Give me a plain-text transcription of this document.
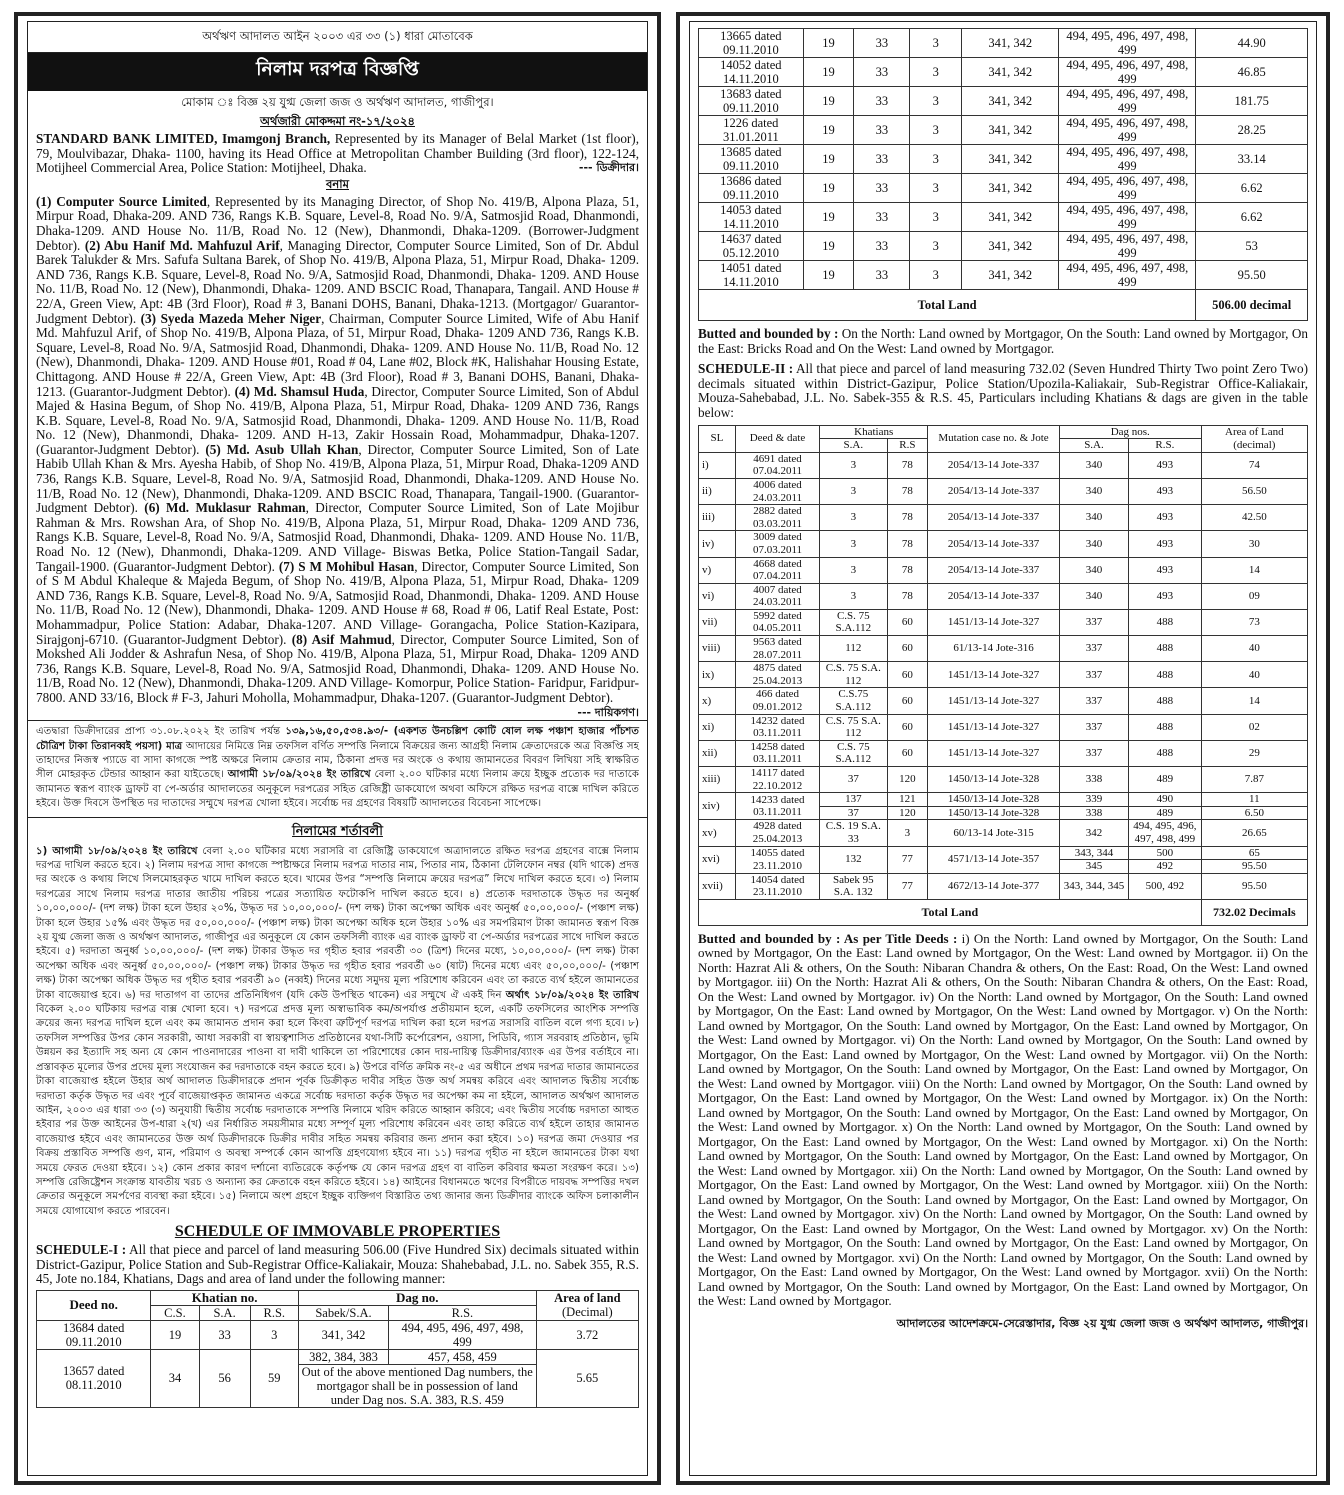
অর্থঋণ আদালত আইন ২০০৩ এর ৩৩ (১) ধারা মোতাবেক
নিলাম দরপত্র বিজ্ঞপ্তি
মোকাম ঃ বিজ্ঞ ২য় যুগ্ম জেলা জজ ও অর্থঋণ আদালত, গাজীপুর।
অর্থজারী মোকদ্দমা নং-১৭/২০২৪

STANDARD BANK LIMITED, Imamgonj Branch, Represented by its Manager of Belal Market (1st floor), 79, Moulvibazar, Dhaka- 1100, having its Head Office at Metropolitan Chamber Building (3rd floor), 122-124, Motijheel Commercial Area, Police Station: Motijheel, Dhaka.	--- ডিক্রীদার।

বনাম

(1) Computer Source Limited, Represented by its Managing Director, of Shop No. 419/B, Alpona Plaza, 51, Mirpur Road, Dhaka-209. AND 736, Rangs K.B. Square, Level-8, Road No. 9/A, Satmosjid Road, Dhanmondi, Dhaka-1209. AND House No. 11/B, Road No. 12 (New), Dhanmondi, Dhaka-1209. (Borrower-Judgment Debtor). (2) Abu Hanif Md. Mahfuzul Arif, Managing Director, Computer Source Limited, Son of Dr. Abdul Barek Talukder & Mrs. Safufa Sultana Barek, of Shop No. 419/B, Alpona Plaza, 51, Mirpur Road, Dhaka- 1209. AND 736, Rangs K.B. Square, Level-8, Road No. 9/A, Satmosjid Road, Dhanmondi, Dhaka- 1209. AND House No. 11/B, Road No. 12 (New), Dhanmondi, Dhaka- 1209. AND BSCIC Road, Thanapara, Tangail. AND House # 22/A, Green View, Apt: 4B (3rd Floor), Road # 3, Banani DOHS, Banani, Dhaka-1213. (Mortgagor/ Guarantor-Judgment Debtor). (3) Syeda Mazeda Meher Niger, Chairman, Computer Source Limited, Wife of Abu Hanif Md. Mahfuzul Arif, of Shop No. 419/B, Alpona Plaza, of 51, Mirpur Road, Dhaka- 1209 AND 736, Rangs K.B. Square, Level-8, Road No. 9/A, Satmosjid Road, Dhanmondi, Dhaka- 1209. AND House No. 11/B, Road No. 12 (New), Dhanmondi, Dhaka- 1209. AND House #01, Road # 04, Lane #02, Block #K, Halishahar Housing Estate, Chittagong. AND House # 22/A, Green View, Apt: 4B (3rd Floor), Road # 3, Banani DOHS, Banani, Dhaka-1213. (Guarantor-Judgment Debtor). (4) Md. Shamsul Huda, Director, Computer Source Limited, Son of Abdul Majed & Hasina Begum, of Shop No. 419/B, Alpona Plaza, 51, Mirpur Road, Dhaka- 1209 AND 736, Rangs K.B. Square, Level-8, Road No. 9/A, Satmosjid Road, Dhanmondi, Dhaka- 1209. AND House No. 11/B, Road No. 12 (New), Dhanmondi, Dhaka- 1209. AND H-13, Zakir Hossain Road, Mohammadpur, Dhaka-1207. (Guarantor-Judgment Debtor). (5) Md. Asub Ullah Khan, Director, Computer Source Limited, Son of Late Habib Ullah Khan & Mrs. Ayesha Habib, of Shop No. 419/B, Alpona Plaza, 51, Mirpur Road, Dhaka-1209 AND 736, Rangs K.B. Square, Level-8, Road No. 9/A, Satmosjid Road, Dhanmondi, Dhaka-1209. AND House No. 11/B, Road No. 12 (New), Dhanmondi, Dhaka-1209. AND BSCIC Road, Thanapara, Tangail-1900. (Guarantor-Judgment Debtor). (6) Md. Muklasur Rahman, Director, Computer Source Limited, Son of Late Mojibur Rahman & Mrs. Rowshan Ara, of Shop No. 419/B, Alpona Plaza, 51, Mirpur Road, Dhaka- 1209 AND 736, Rangs K.B. Square, Level-8, Road No. 9/A, Satmosjid Road, Dhanmondi, Dhaka- 1209. AND House No. 11/B, Road No. 12 (New), Dhanmondi, Dhaka-1209. AND Village- Biswas Betka, Police Station-Tangail Sadar, Tangail-1900. (Guarantor-Judgment Debtor). (7) S M Mohibul Hasan, Director, Computer Source Limited, Son of S M Abdul Khaleque & Majeda Begum, of Shop No. 419/B, Alpona Plaza, 51, Mirpur Road, Dhaka- 1209 AND 736, Rangs K.B. Square, Level-8, Road No. 9/A, Satmosjid Road, Dhanmondi, Dhaka- 1209. AND House No. 11/B, Road No. 12 (New), Dhanmondi, Dhaka- 1209. AND House # 68, Road # 06, Latif Real Estate, Post: Mohammadpur, Police Station: Adabar, Dhaka-1207. AND Village- Gorangacha, Police Station-Kazipara, Sirajgonj-6710. (Guarantor-Judgment Debtor). (8) Asif Mahmud, Director, Computer Source Limited, Son of Mokshed Ali Jodder & Ashrafun Nesa, of Shop No. 419/B, Alpona Plaza, 51, Mirpur Road, Dhaka- 1209 AND 736, Rangs K.B. Square, Level-8, Road No. 9/A, Satmosjid Road, Dhanmondi, Dhaka- 1209. AND House No. 11/B, Road No. 12 (New), Dhanmondi, Dhaka-1209. AND Village- Komorpur, Police Station- Faridpur, Faridpur-7800. AND 33/16, Block # F-3, Jahuri Moholla, Mohammadpur, Dhaka-1207. (Guarantor-Judgment Debtor).
--- দায়িকগণ।

এতদ্বারা ডিক্রীদারের প্রাপ্য ৩১.০৮.২০২২ ইং তারিখ পর্যন্ত ১৩৯,১৬,৫০,৫৩৪.৯৩/- (একশত উনচল্লিশ কোটি ষোল লক্ষ পঞ্চাশ হাজার পাঁচশত চৌত্রিশ টাকা তিরানব্বই পয়সা) মাত্র আদায়ের নিমিত্তে নিম্ন তফসিল বর্ণিত সম্পত্তি নিলামে বিক্রয়ের জন্য আগ্রহী নিলাম ক্রেতাদেরকে অত্র বিজ্ঞপ্তি সহ তাহাদের নিজস্ব প্যাডে বা সাদা কাগজে স্পষ্ট অক্ষরে নিলাম ক্রেতার নাম, ঠিকানা প্রদত্ত দর অংকে ও কথায় জামানতের বিবরণ লিখিয়া সহি স্বাক্ষরিত সীল মোহরকৃত টেন্ডার আহ্বান করা যাইতেছে। আগামী ১৮/০৯/২০২৪ ইং তারিখে বেলা ২.০০ ঘটিকার মধ্যে নিলাম ক্রয়ে ইচ্ছুক প্রত্যেক দর দাতাকে জামানত স্বরূপ ব্যাংক ড্রাফট বা পে-অর্ডার আদালতের অনুকূলে দরপত্রের সহিত রেজিষ্ট্রী ডাকযোগে অথবা অফিসে রক্ষিত দরপত্র বাক্সে দাখিল করিতে হইবে। উক্ত দিবসে উপস্থিত দর দাতাদের সম্মুখে দরপত্র খোলা হইবে। সর্বোচ্চ দর গ্রহণের বিষয়টি আদালতের বিবেচনা সাপেক্ষে।

নিলামের শর্তাবলী

১) আগামী ১৮/০৯/২০২৪ ইং তারিখে বেলা ২.০০ ঘটিকার মধ্যে সরাসরি বা রেজিষ্ট্রি ডাকযোগে অত্রাদালতে রক্ষিত দরপত্র গ্রহণের বাক্সে নিলাম দরপত্র দাখিল করতে হবে। ২) নিলাম দরপত্র সাদা কাগজে স্পষ্টাক্ষরে নিলাম দরপত্র দাতার নাম, পিতার নাম, ঠিকানা টেলিফোন নম্বর (যদি থাকে) প্রদত্ত দর অংকে ও কথায় লিখে সিলমোহরকৃত খামে দাখিল করতে হবে। খামের উপর “সম্পত্তি নিলামে ক্রয়ের দরপত্র” লিখে দাখিল করতে হবে। ৩) নিলাম দরপত্রের সাথে নিলাম দরপত্র দাতার জাতীয় পরিচয় পত্রের সত্যায়িত ফটোকপি দাখিল করতে হবে। ৪) প্রত্যেক দরদাতাকে উদ্ধৃত দর অনুর্ধ্ব ১০,০০,০০০/- (দশ লক্ষ) টাকা হলে উহার ২০%, উদ্ধৃত দর ১০,০০,০০০/- (দশ লক্ষ) টাকা অপেক্ষা অধিক এবং অনুর্ধ্ব ৫০,০০,০০০/- (পঞ্চাশ লক্ষ) টাকা হলে উহার ১৫% এবং উদ্ধৃত দর ৫০,০০,০০০/- (পঞ্চাশ লক্ষ) টাকা অপেক্ষা অধিক হলে উহার ১০% এর সমপরিমাণ টাকা জামানত স্বরূপ বিজ্ঞ ২য় যুগ্ম জেলা জজ ও অর্থঋণ আদালত, গাজীপুর এর অনুকূলে যে কোন তফসিলী ব্যাংক এর ব্যাংক ড্রাফট বা পে-অর্ডার দরপত্রের সাথে দাখিল করতে হইবে। ৫) দরদাতা অনুর্ধ্ব ১০,০০,০০০/- (দশ লক্ষ) টাকার উদ্ধৃত দর গৃহীত হবার পরবর্তী ৩০ (ত্রিশ) দিনের মধ্যে, ১০,০০,০০০/- (দশ লক্ষ) টাকা অপেক্ষা অধিক এবং অনুর্ধ্ব ৫০,০০,০০০/- (পঞ্চাশ লক্ষ) টাকার উদ্ধৃত দর গৃহীত হবার পরবর্তী ৬০ (ষাট) দিনের মধ্যে এবং ৫০,০০,০০০/- (পঞ্চাশ লক্ষ) টাকা অপেক্ষা অধিক উদ্ধৃত দর গৃহীত হবার পরবর্তী ৯০ (নব্বই) দিনের মধ্যে সমুদয় মূল্য পরিশোধ করিবেন এবং তা করতে ব্যর্থ হইলে জামানতের টাকা বাজেয়াপ্ত হবে। ৬) দর দাতাগণ বা তাদের প্রতিনিধিগণ (যদি কেউ উপস্থিত থাকেন) এর সম্মুখে ঐ একই দিন অর্থাৎ ১৮/০৯/২০২৪ ইং তারিখ বিকেল ২.০০ ঘটিকায় দরপত্র বাক্স খোলা হবে। ৭) দরপত্রে প্রদত্ত মূল্য অস্বাভাবিক কম/অপর্যাপ্ত প্রতীয়মান হলে, একটি তফসিলের আংশিক সম্পত্তি ক্রয়ের জন্য দরপত্র দাখিল হলে এবং কম জামানত প্রদান করা হলে কিংবা ত্রুটিপূর্ণ দরপত্র দাখিল করা হলে দরপত্র সরাসরি বাতিল বলে গণ্য হবে। ৮) তফসিল সম্পত্তির উপর কোন সরকারী, আধা সরকারী বা স্বায়ত্বশাসিত প্রতিষ্ঠানের যথা-সিটি কর্পোরেশন, ওয়াসা, পিডিবি, গ্যাস সরবরাহ প্রতিষ্ঠান, ভূমি উন্নয়ন কর ইত্যাদি সহ অন্য যে কোন পাওনাদারের পাওনা বা দাবী থাকিলে তা পরিশোধের কোন দায়-দায়িত্ব ডিক্রীদার/ব্যাংক এর উপর বর্তাইবে না। প্রস্তাবকৃত মূল্যের উপর প্রদেয় মূল্য সংযোজন কর দরদাতাকে বহন করতে হবে। ৯) উপরে বর্ণিত ক্রমিক নং-৫ এর অধীনে প্রথম দরপত্র দাতার জামানতের টাকা বাজেয়াপ্ত হইলে উহার অর্থ আদালত ডিক্রীদারকে প্রদান পূর্বক ডিক্রীকৃত দাবীর সহিত উক্ত অর্থ সমন্বয় করিবে এবং আদালত দ্বিতীয় সর্বোচ্চ দরদাতা কর্তৃক উদ্ধৃত দর এবং পূর্বে বাজেয়াপ্তকৃত জামানত একত্রে সর্বোচ্চ দরদাতা কর্তৃক উদ্ধৃত দর অপেক্ষা কম না হইলে, আদালত অর্থঋণ আদালত আইন, ২০০৩ এর ধারা ৩৩ (৩) অনুযায়ী দ্বিতীয় সর্বোচ্চ দরদাতাকে সম্পত্তি নিলামে খরিদ করিতে আহ্বান করিবে; এবং দ্বিতীয় সর্বোচ্চ দরদাতা আহুত হইবার পর উক্ত আইনের উপ-ধারা ২(খ) এর নির্ধারিত সময়সীমার মধ্যে সম্পূর্ণ মূল্য পরিশোধ করিবেন এবং তাহা করিতে ব্যর্থ হইলে তাহার জামানত বাজেয়াপ্ত হইবে এবং জামানতের উক্ত অর্থ ডিক্রীদারকে ডিক্রীর দাবীর সহিত সমন্বয় করিবার জন্য প্রদান করা হইবে। ১০) দরপত্র জমা দেওয়ার পর বিক্রয় প্রস্তাবিত সম্পত্তি গুণ, মান, পরিমাণ ও অবস্থা সম্পর্কে কোন আপত্তি গ্রহণযোগ্য হইবে না। ১১) দরপত্র গৃহীত না হইলে জামানতের টাকা যথা সময়ে ফেরত দেওয়া হইবে। ১২) কোন প্রকার কারণ দর্শানো ব্যতিরেকে কর্তৃপক্ষ যে কোন দরপত্র গ্রহণ বা বাতিল করিবার ক্ষমতা সংরক্ষণ করে। ১৩) সম্পত্তি রেজিষ্ট্রেশন সংক্রান্ত যাবতীয় খরচ ও অন্যান্য কর ক্রেতাকে বহন করিতে হইবে। ১৪) আইনের বিধানমতে ঋণের বিপরীতে দায়বদ্ধ সম্পত্তির দখল ক্রেতার অনুকূলে সমর্পণের ব্যবস্থা করা হইবে। ১৫) নিলামে অংশ গ্রহণে ইচ্ছুক ব্যক্তিগণ বিস্তারিত তথ্য জানার জন্য ডিক্রীদার ব্যাংকে অফিস চলাকালীন সময়ে যোগাযোগ করতে পারবেন।

SCHEDULE OF IMMOVABLE PROPERTIES

SCHEDULE-I : All that piece and parcel of land measuring 506.00 (Five Hundred Six) decimals situated within District-Gazipur, Police Station and Sub-Registrar Office-Kaliakair, Mouza: Shahebabad, J.L. no. Sabek 355, R.S. 45, Jote no.184, Khatians, Dags and area of land under the following manner:

Deed no.	Khatian no.			Dag no.		Area of land
(Decimal)
	C.S.	S.A.	R.S.	Sabek/S.A.	R.S.	
13684 dated 09.11.2010	19	33	3	341, 342	494, 495, 496, 497, 498, 499	3.72
13657 dated 08.11.2010	34	56	59	382, 384, 383	457, 458, 459	5.65
				Out of the above mentioned Dag numbers, the mortgagor shall be in possession of land under Dag nos. S.A. 383, R.S. 459		
13665 dated 09.11.2010	19	33	3	341, 342	494, 495, 496, 497, 498, 499	44.90
14052 dated 14.11.2010	19	33	3	341, 342	494, 495, 496, 497, 498, 499	46.85
13683 dated 09.11.2010	19	33	3	341, 342	494, 495, 496, 497, 498, 499	181.75
1226 dated 31.01.2011	19	33	3	341, 342	494, 495, 496, 497, 498, 499	28.25
13685 dated 09.11.2010	19	33	3	341, 342	494, 495, 496, 497, 498, 499	33.14
13686 dated 09.11.2010	19	33	3	341, 342	494, 495, 496, 497, 498, 499	6.62
14053 dated 14.11.2010	19	33	3	341, 342	494, 495, 496, 497, 498, 499	6.62
14637 dated 05.12.2010	19	33	3	341, 342	494, 495, 496, 497, 498, 499	53
14051 dated 14.11.2010	19	33	3	341, 342	494, 495, 496, 497, 498, 499	95.50
Total Land						506.00 decimal

Butted and bounded by : On the North: Land owned by Mortgagor, On the South: Land owned by Mortgagor, On the East: Bricks Road and On the West: Land owned by Mortgagor.

SCHEDULE-II : All that piece and parcel of land measuring 732.02 (Seven Hundred Thirty Two point Zero Two) decimals situated within District-Gazipur, Police Station/Upozila-Kaliakair, Sub-Registrar Office-Kaliakair, Mouza-Sahebabad, J.L. No. Sabek-355 & R.S. 45, Particulars including Khatians & dags are given in the table below:

SL	Deed & date	Khatians		Mutation case no. & Jote	Dag nos.		Area of Land (decimal)
		S.A.	R.S		S.A.	R.S.	
i)	4691 dated 07.04.2011	3	78	2054/13-14 Jote-337	340	493	74
ii)	4006 dated 24.03.2011	3	78	2054/13-14 Jote-337	340	493	56.50
iii)	2882 dated 03.03.2011	3	78	2054/13-14 Jote-337	340	493	42.50
iv)	3009 dated 07.03.2011	3	78	2054/13-14 Jote-337	340	493	30
v)	4668 dated 07.04.2011	3	78	2054/13-14 Jote-337	340	493	14
vi)	4007 dated 24.03.2011	3	78	2054/13-14 Jote-337	340	493	09
vii)	5992 dated 04.05.2011	C.S. 75 S.A.112	60	1451/13-14 Jote-327	337	488	73
viii)	9563 dated 28.07.2011	112	60	61/13-14 Jote-316	337	488	40
ix)	4875 dated 25.04.2013	C.S. 75 S.A. 112	60	1451/13-14 Jote-327	337	488	40
x)	466 dated 09.01.2012	C.S.75 S.A.112	60	1451/13-14 Jote-327	337	488	14
xi)	14232 dated 03.11.2011	C.S. 75 S.A. 112	60	1451/13-14 Jote-327	337	488	02
xii)	14258 dated 03.11.2011	C.S. 75 S.A.112	60	1451/13-14 Jote-327	337	488	29
xiii)	14117 dated 22.10.2012	37	120	1450/13-14 Jote-328	338	489	7.87
xiv)	14233 dated 03.11.2011	137	121	1450/13-14 Jote-328	339	490	11
		37	120	1450/13-14 Jote-328	338	489	6.50
xv)	4928 dated 25.04.2013	C.S. 19 S.A. 33	3	60/13-14 Jote-315	342	494, 495, 496, 497, 498, 499	26.65
xvi)	14055 dated 23.11.2010	132	77	4571/13-14 Jote-357	343, 344	500	65
					345	492	95.50
xvii)	14054 dated 23.11.2010	Sabek 95 S.A. 132	77	4672/13-14 Jote-377	343, 344, 345	500, 492	95.50
Total Land							732.02 Decimals

Butted and bounded by : As per Title Deeds : i) On the North: Land owned by Mortgagor, On the South: Land owned by Mortgagor, On the East: Land owned by Mortgagor, On the West: Land owned by Mortgagor. ii) On the North: Hazrat Ali & others, On the South: Nibaran Chandra & others, On the East: Road, On the West: Land owned by Mortgagor. iii) On the North: Hazrat Ali & others, On the South: Nibaran Chandra & others, On the East: Road, On the West: Land owned by Mortgagor. iv) On the North: Land owned by Mortgagor, On the South: Land owned by Mortgagor, On the East: Land owned by Mortgagor, On the West: Land owned by Mortgagor. v) On the North: Land owned by Mortgagor, On the South: Land owned by Mortgagor, On the East: Land owned by Mortgagor, On the West: Land owned by Mortgagor. vi) On the North: Land owned by Mortgagor, On the South: Land owned by Mortgagor, On the East: Land owned by Mortgagor, On the West: Land owned by Mortgagor. vii) On the North: Land owned by Mortgagor, On the South: Land owned by Mortgagor, On the East: Land owned by Mortgagor, On the West: Land owned by Mortgagor. viii) On the North: Land owned by Mortgagor, On the South: Land owned by Mortgagor, On the East: Land owned by Mortgagor, On the West: Land owned by Mortgagor. ix) On the North: Land owned by Mortgagor, On the South: Land owned by Mortgagor, On the East: Land owned by Mortgagor, On the West: Land owned by Mortgagor. x) On the North: Land owned by Mortgagor, On the South: Land owned by Mortgagor, On the East: Land owned by Mortgagor, On the West: Land owned by Mortgagor. xi) On the North: Land owned by Mortgagor, On the South: Land owned by Mortgagor, On the East: Land owned by Mortgagor, On the West: Land owned by Mortgagor. xii) On the North: Land owned by Mortgagor, On the South: Land owned by Mortgagor, On the East: Land owned by Mortgagor, On the West: Land owned by Mortgagor. xiii) On the North: Land owned by Mortgagor, On the South: Land owned by Mortgagor, On the East: Land owned by Mortgagor, On the West: Land owned by Mortgagor. xiv) On the North: Land owned by Mortgagor, On the South: Land owned by Mortgagor, On the East: Land owned by Mortgagor, On the West: Land owned by Mortgagor. xv) On the North: Land owned by Mortgagor, On the South: Land owned by Mortgagor, On the East: Land owned by Mortgagor, On the West: Land owned by Mortgagor. xvi) On the North: Land owned by Mortgagor, On the South: Land owned by Mortgagor, On the East: Land owned by Mortgagor, On the West: Land owned by Mortgagor. xvii) On the North: Land owned by Mortgagor, On the South: Land owned by Mortgagor, On the East: Land owned by Mortgagor, On the West: Land owned by Mortgagor.

আদালতের আদেশক্রমে-সেরেস্তাদার, বিজ্ঞ ২য় যুগ্ম জেলা জজ ও অর্থঋণ আদালত, গাজীপুর।
